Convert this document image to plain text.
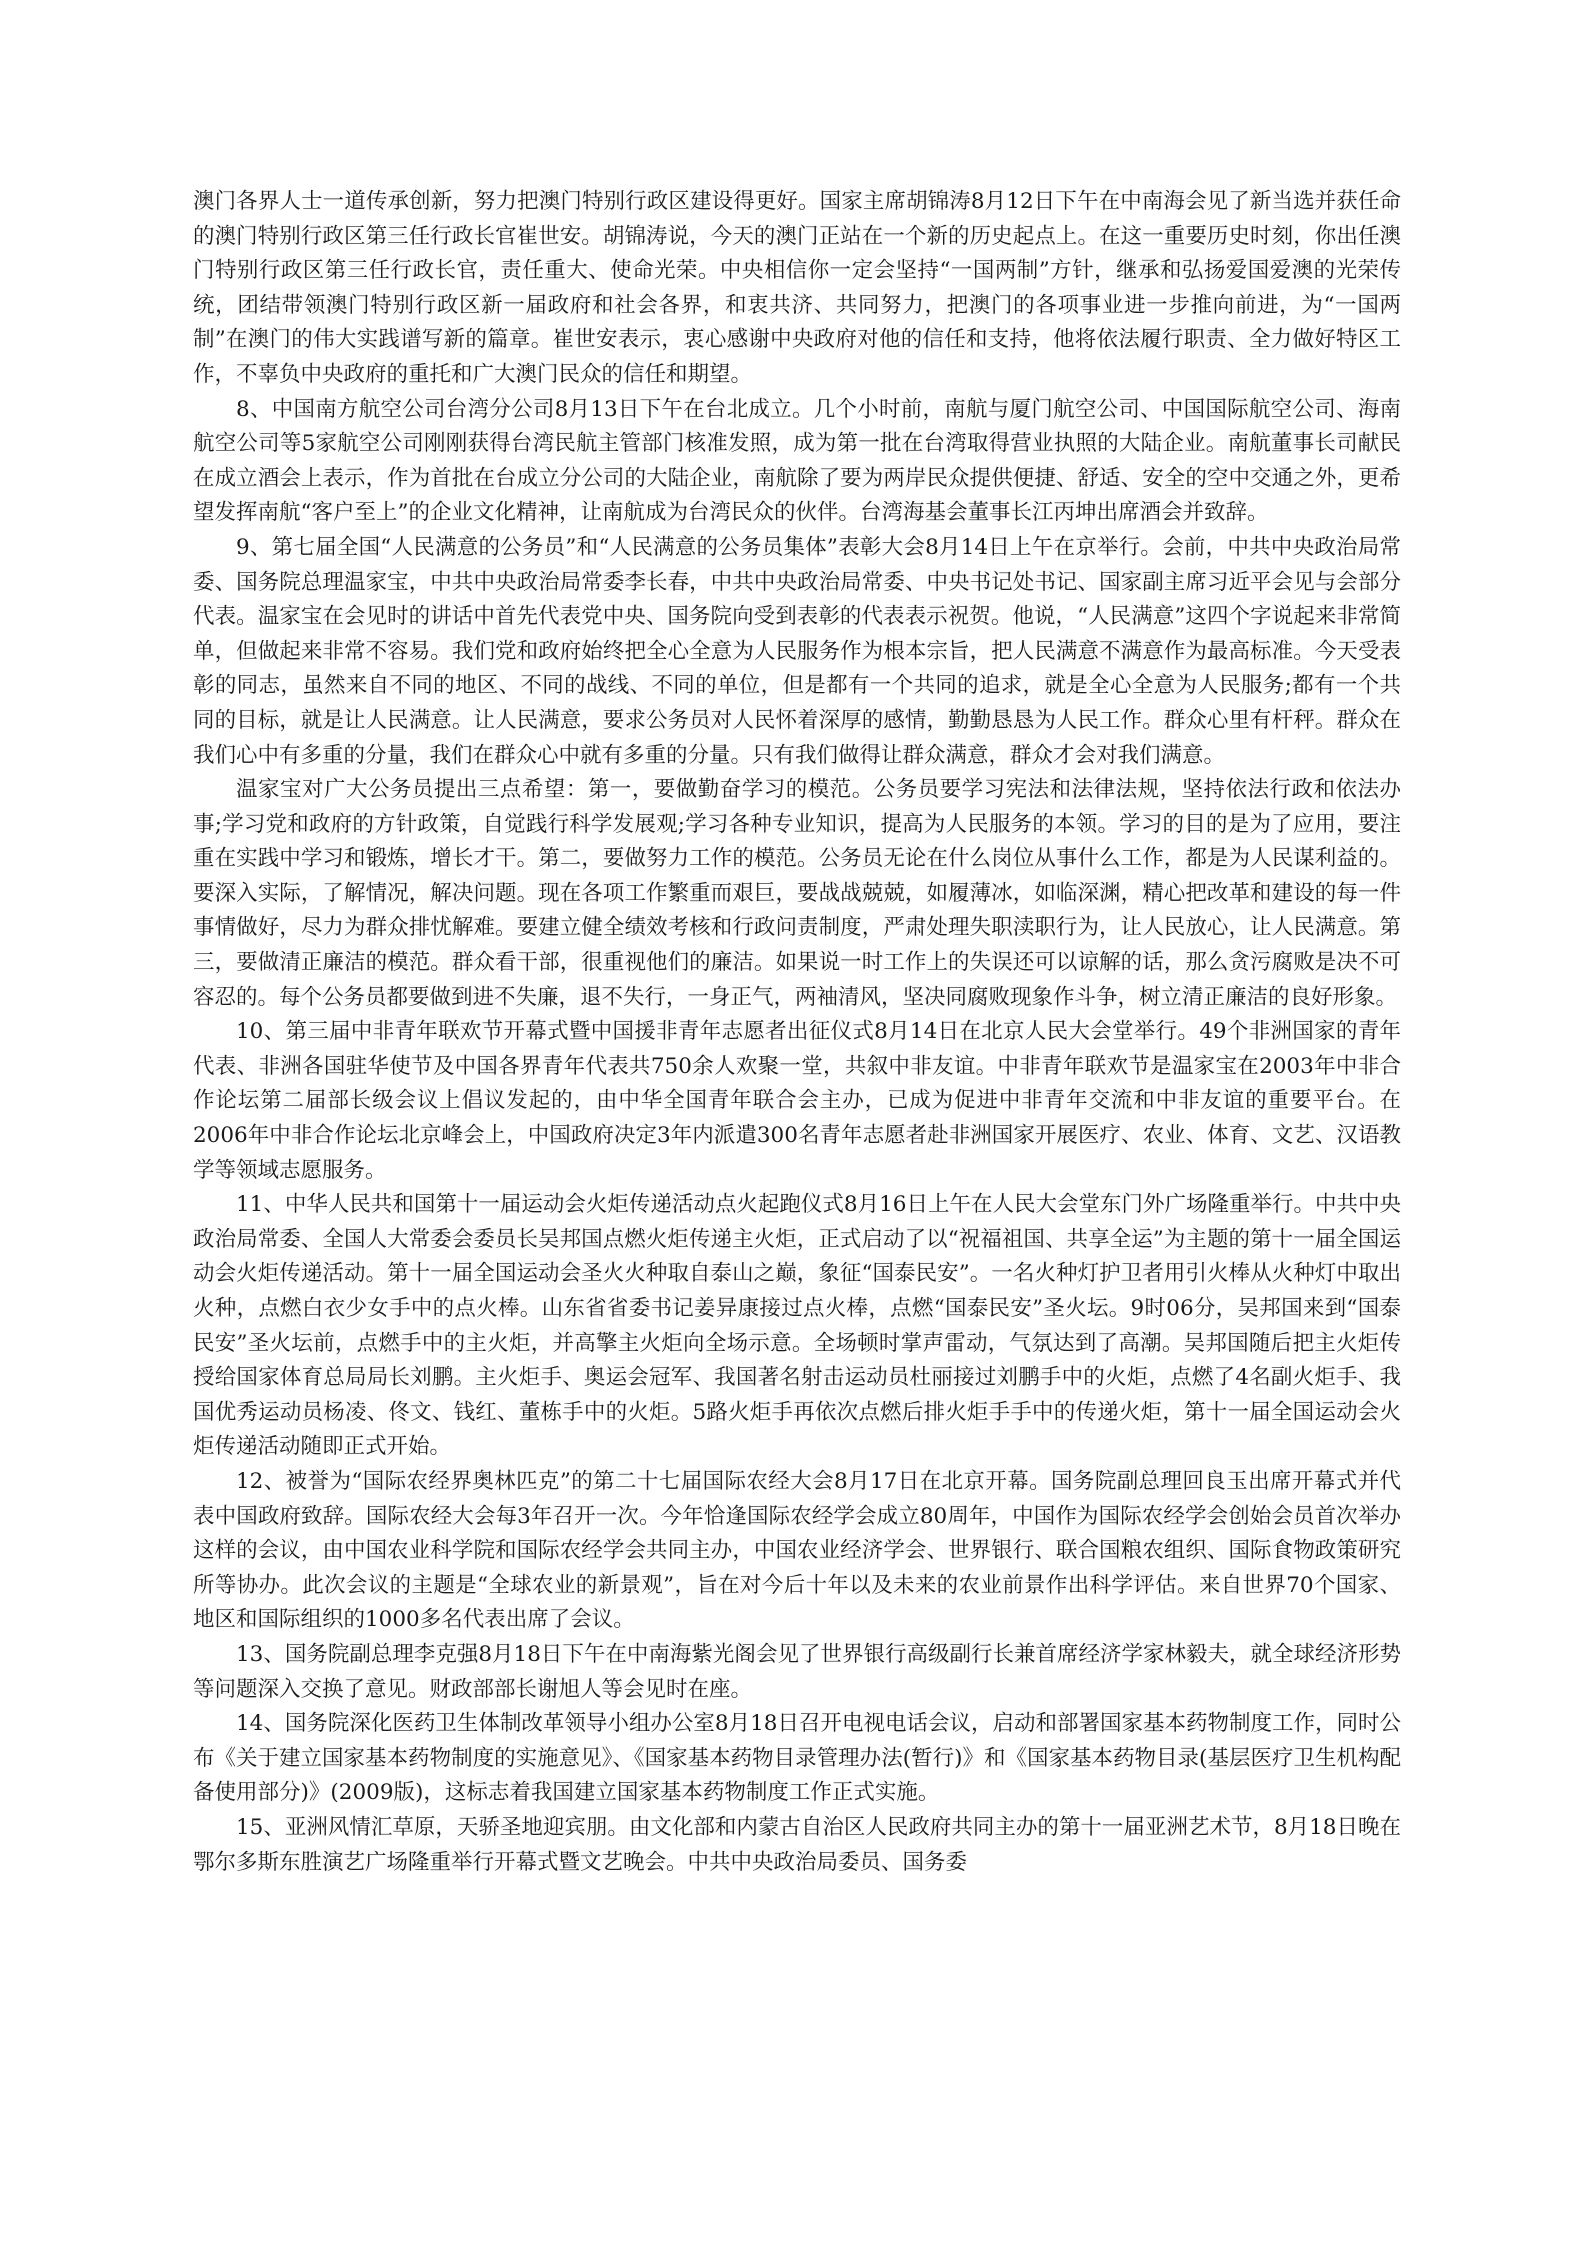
澳门各界人士一道传承创新，努力把澳门特别行政区建设得更好。国家主席胡锦涛8月12日下午在中南海会见了新当选并获任命的澳门特别行政区第三任行政长官崔世安。胡锦涛说，今天的澳门正站在一个新的历史起点上。在这一重要历史时刻，你出任澳门特别行政区第三任行政长官，责任重大、使命光荣。中央相信你一定会坚持“一国两制”方针，继承和弘扬爱国爱澳的光荣传统，团结带领澳门特别行政区新一届政府和社会各界，和衷共济、共同努力，把澳门的各项事业进一步推向前进，为“一国两制”在澳门的伟大实践谱写新的篇章。崔世安表示，衷心感谢中央政府对他的信任和支持，他将依法履行职责、全力做好特区工作，不辜负中央政府的重托和广大澳门民众的信任和期望。

8、中国南方航空公司台湾分公司8月13日下午在台北成立。几个小时前，南航与厦门航空公司、中国国际航空公司、海南航空公司等5家航空公司刚刚获得台湾民航主管部门核准发照，成为第一批在台湾取得营业执照的大陆企业。南航董事长司献民在成立酒会上表示，作为首批在台成立分公司的大陆企业，南航除了要为两岸民众提供便捷、舒适、安全的空中交通之外，更希望发挥南航“客户至上”的企业文化精神，让南航成为台湾民众的伙伴。台湾海基会董事长江丙坤出席酒会并致辞。

9、第七届全国“人民满意的公务员”和“人民满意的公务员集体”表彰大会8月14日上午在京举行。会前，中共中央政治局常委、国务院总理温家宝，中共中央政治局常委李长春，中共中央政治局常委、中央书记处书记、国家副主席习近平会见与会部分代表。温家宝在会见时的讲话中首先代表党中央、国务院向受到表彰的代表表示祝贺。他说，“人民满意”这四个字说起来非常简单，但做起来非常不容易。我们党和政府始终把全心全意为人民服务作为根本宗旨，把人民满意不满意作为最高标准。今天受表彰的同志，虽然来自不同的地区、不同的战线、不同的单位，但是都有一个共同的追求，就是全心全意为人民服务;都有一个共同的目标，就是让人民满意。让人民满意，要求公务员对人民怀着深厚的感情，勤勤恳恳为人民工作。群众心里有杆秤。群众在我们心中有多重的分量，我们在群众心中就有多重的分量。只有我们做得让群众满意，群众才会对我们满意。

温家宝对广大公务员提出三点希望：第一，要做勤奋学习的模范。公务员要学习宪法和法律法规，坚持依法行政和依法办事;学习党和政府的方针政策，自觉践行科学发展观;学习各种专业知识，提高为人民服务的本领。学习的目的是为了应用，要注重在实践中学习和锻炼，增长才干。第二，要做努力工作的模范。公务员无论在什么岗位从事什么工作，都是为人民谋利益的。要深入实际，了解情况，解决问题。现在各项工作繁重而艰巨，要战战兢兢，如履薄冰，如临深渊，精心把改革和建设的每一件事情做好，尽力为群众排忧解难。要建立健全绩效考核和行政问责制度，严肃处理失职渎职行为，让人民放心，让人民满意。第三，要做清正廉洁的模范。群众看干部，很重视他们的廉洁。如果说一时工作上的失误还可以谅解的话，那么贪污腐败是决不可容忍的。每个公务员都要做到进不失廉，退不失行，一身正气，两袖清风，坚决同腐败现象作斗争，树立清正廉洁的良好形象。

10、第三届中非青年联欢节开幕式暨中国援非青年志愿者出征仪式8月14日在北京人民大会堂举行。49个非洲国家的青年代表、非洲各国驻华使节及中国各界青年代表共750余人欢聚一堂，共叙中非友谊。中非青年联欢节是温家宝在2003年中非合作论坛第二届部长级会议上倡议发起的，由中华全国青年联合会主办，已成为促进中非青年交流和中非友谊的重要平台。在2006年中非合作论坛北京峰会上，中国政府决定3年内派遣300名青年志愿者赴非洲国家开展医疗、农业、体育、文艺、汉语教学等领域志愿服务。

11、中华人民共和国第十一届运动会火炬传递活动点火起跑仪式8月16日上午在人民大会堂东门外广场隆重举行。中共中央政治局常委、全国人大常委会委员长吴邦国点燃火炬传递主火炬，正式启动了以“祝福祖国、共享全运”为主题的第十一届全国运动会火炬传递活动。第十一届全国运动会圣火火种取自泰山之巅，象征“国泰民安”。一名火种灯护卫者用引火棒从火种灯中取出火种，点燃白衣少女手中的点火棒。山东省省委书记姜异康接过点火棒，点燃“国泰民安”圣火坛。9时06分，吴邦国来到“国泰民安”圣火坛前，点燃手中的主火炬，并高擎主火炬向全场示意。全场顿时掌声雷动，气氛达到了高潮。吴邦国随后把主火炬传授给国家体育总局局长刘鹏。主火炬手、奥运会冠军、我国著名射击运动员杜丽接过刘鹏手中的火炬，点燃了4名副火炬手、我国优秀运动员杨凌、佟文、钱红、董栋手中的火炬。5路火炬手再依次点燃后排火炬手手中的传递火炬，第十一届全国运动会火炬传递活动随即正式开始。

12、被誉为“国际农经界奥林匹克”的第二十七届国际农经大会8月17日在北京开幕。国务院副总理回良玉出席开幕式并代表中国政府致辞。国际农经大会每3年召开一次。今年恰逢国际农经学会成立80周年，中国作为国际农经学会创始会员首次举办这样的会议，由中国农业科学院和国际农经学会共同主办，中国农业经济学会、世界银行、联合国粮农组织、国际食物政策研究所等协办。此次会议的主题是“全球农业的新景观”，旨在对今后十年以及未来的农业前景作出科学评估。来自世界70个国家、地区和国际组织的1000多名代表出席了会议。

13、国务院副总理李克强8月18日下午在中南海紫光阁会见了世界银行高级副行长兼首席经济学家林毅夫，就全球经济形势等问题深入交换了意见。财政部部长谢旭人等会见时在座。

14、国务院深化医药卫生体制改革领导小组办公室8月18日召开电视电话会议，启动和部署国家基本药物制度工作，同时公布《关于建立国家基本药物制度的实施意见》、《国家基本药物目录管理办法(暂行)》和《国家基本药物目录(基层医疗卫生机构配备使用部分)》(2009版)，这标志着我国建立国家基本药物制度工作正式实施。

15、亚洲风情汇草原，天骄圣地迎宾朋。由文化部和内蒙古自治区人民政府共同主办的第十一届亚洲艺术节，8月18日晚在鄂尔多斯东胜演艺广场隆重举行开幕式暨文艺晚会。中共中央政治局委员、国务委
